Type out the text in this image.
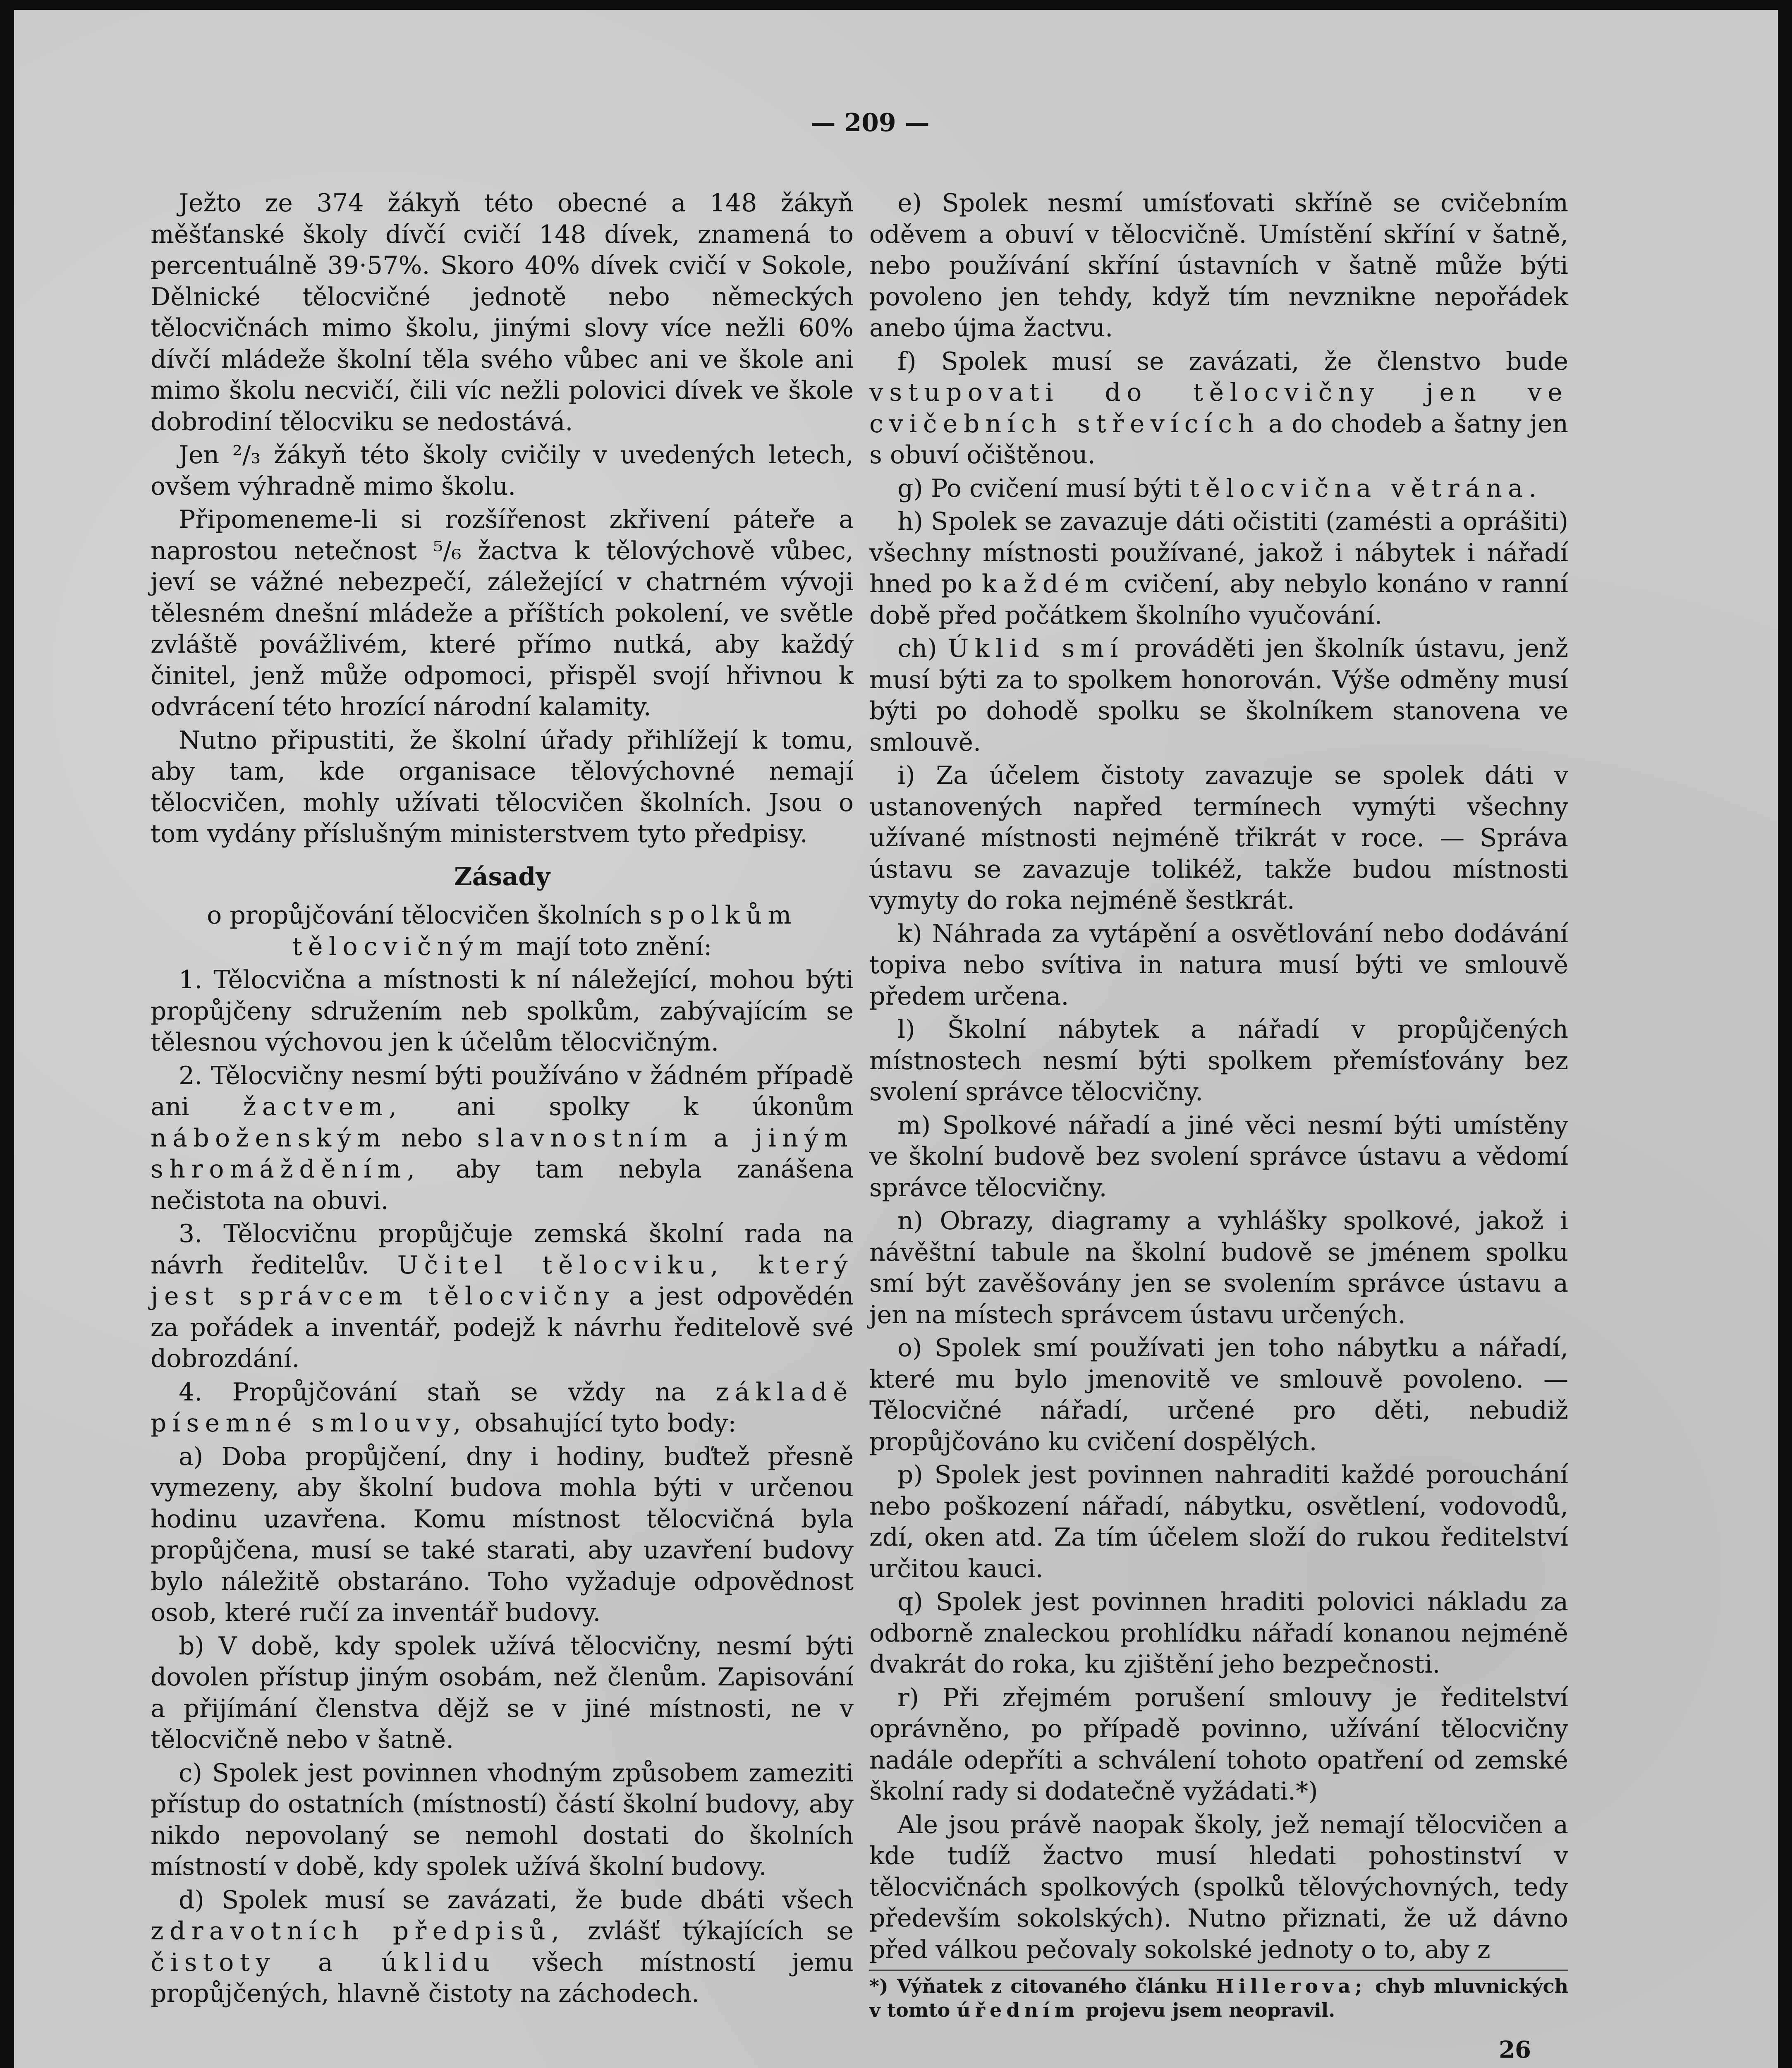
— 209 —

Ježto ze 374 žákyň této obecné a 148 žákyň měšťanské školy dívčí cvičí 148 dívek, znamená to percentuálně 39·57%. Skoro 40% dívek cvičí v Sokole, Dělnické tělocvičné jednotě nebo německých tělocvičnách mimo školu, jinými slovy více nežli 60% dívčí mládeže školní těla svého vůbec ani ve škole ani mimo školu necvičí, čili víc nežli polovici dívek ve škole dobrodiní tělocviku se nedostává.

Jen ²/₃ žákyň této školy cvičily v uvedených letech, ovšem výhradně mimo školu.

Připomeneme-li si rozšířenost zkřivení páteře a naprostou netečnost ⁵/₆ žactva k tělovýchově vůbec, jeví se vážné nebezpečí, záležející v chatrném vývoji tělesném dnešní mládeže a příštích pokolení, ve světle zvláště povážlivém, které přímo nutká, aby každý činitel, jenž může odpomoci, přispěl svojí hřivnou k odvrácení této hrozící národní kalamity.

Nutno připustiti, že školní úřady přihlížejí k tomu, aby tam, kde organisace tělovýchovné nemají tělocvičen, mohly užívati tělocvičen školních. Jsou o tom vydány příslušným ministerstvem tyto předpisy.

Zásady

o propůjčování tělocvičen školních spolkům tělocvičným mají toto znění:

1. Tělocvična a místnosti k ní náležející, mohou býti propůjčeny sdružením neb spolkům, zabývajícím se tělesnou výchovou jen k účelům tělocvičným.

2. Tělocvičny nesmí býti používáno v žádném případě ani žactvem, ani spolky k úkonům náboženským nebo slavnostním a jiným shromážděním, aby tam nebyla zanášena nečistota na obuvi.

3. Tělocvičnu propůjčuje zemská školní rada na návrh ředitelův. Učitel tělocviku, který jest správcem tělocvičny a jest odpovědén za pořádek a inventář, podejž k návrhu ředitelově své dobrozdání.

4. Propůjčování staň se vždy na základě písemné smlouvy, obsahující tyto body:

a) Doba propůjčení, dny i hodiny, buďtež přesně vymezeny, aby školní budova mohla býti v určenou hodinu uzavřena. Komu místnost tělocvičná byla propůjčena, musí se také starati, aby uzavření budovy bylo náležitě obstaráno. Toho vyžaduje odpovědnost osob, které ručí za inventář budovy.

b) V době, kdy spolek užívá tělocvičny, nesmí býti dovolen přístup jiným osobám, než členům. Zapisování a přijímání členstva dějž se v jiné místnosti, ne v tělocvičně nebo v šatně.

c) Spolek jest povinnen vhodným způsobem zameziti přístup do ostatních (místností) částí školní budovy, aby nikdo nepovolaný se nemohl dostati do školních místností v době, kdy spolek užívá školní budovy.

d) Spolek musí se zavázati, že bude dbáti všech zdravotních předpisů, zvlášť týkajících se čistoty a úklidu všech místností jemu propůjčených, hlavně čistoty na záchodech.

e) Spolek nesmí umísťovati skříně se cvičebním oděvem a obuví v tělocvičně. Umístění skříní v šatně, nebo používání skříní ústavních v šatně může býti povoleno jen tehdy, když tím nevznikne nepořádek anebo újma žactvu.

f) Spolek musí se zavázati, že členstvo bude vstupovati do tělocvičny jen ve cvičebních střevících a do chodeb a šatny jen s obuví očištěnou.

g) Po cvičení musí býti tělocvična větrána.

h) Spolek se zavazuje dáti očistiti (zamésti a oprášiti) všechny místnosti používané, jakož i nábytek i nářadí hned po každém cvičení, aby nebylo konáno v ranní době před počátkem školního vyučování.

ch) Úklid smí prováděti jen školník ústavu, jenž musí býti za to spolkem honorován. Výše odměny musí býti po dohodě spolku se školníkem stanovena ve smlouvě.

i) Za účelem čistoty zavazuje se spolek dáti v ustanovených napřed termínech vymýti všechny užívané místnosti nejméně třikrát v roce. — Správa ústavu se zavazuje tolikéž, takže budou místnosti vymyty do roka nejméně šestkrát.

k) Náhrada za vytápění a osvětlování nebo dodávání topiva nebo svítiva in natura musí býti ve smlouvě předem určena.

l) Školní nábytek a nářadí v propůjčených místnostech nesmí býti spolkem přemísťovány bez svolení správce tělocvičny.

m) Spolkové nářadí a jiné věci nesmí býti umístěny ve školní budově bez svolení správce ústavu a vědomí správce tělocvičny.

n) Obrazy, diagramy a vyhlášky spolkové, jakož i návěštní tabule na školní budově se jménem spolku smí být zavěšovány jen se svolením správce ústavu a jen na místech správcem ústavu určených.

o) Spolek smí používati jen toho nábytku a nářadí, které mu bylo jmenovitě ve smlouvě povoleno. — Tělocvičné nářadí, určené pro děti, nebudiž propůjčováno ku cvičení dospělých.

p) Spolek jest povinnen nahraditi každé porouchání nebo poškození nářadí, nábytku, osvětlení, vodovodů, zdí, oken atd. Za tím účelem složí do rukou ředitelství určitou kauci.

q) Spolek jest povinnen hraditi polovici nákladu za odborně znaleckou prohlídku nářadí konanou nejméně dvakrát do roka, ku zjištění jeho bezpečnosti.

r) Při zřejmém porušení smlouvy je ředitelství oprávněno, po případě povinno, užívání tělocvičny nadále odepříti a schválení tohoto opatření od zemské školní rady si dodatečně vyžádati.*)

Ale jsou právě naopak školy, jež nemají tělocvičen a kde tudíž žactvo musí hledati pohostinství v tělocvičnách spolkových (spolků tělovýchovných, tedy především sokolských). Nutno přiznati, že už dávno před válkou pečovaly sokolské jednoty o to, aby z

*) Výňatek z citovaného článku Hillerova; chyb mluvnických v tomto úředním projevu jsem neopravil.

26
